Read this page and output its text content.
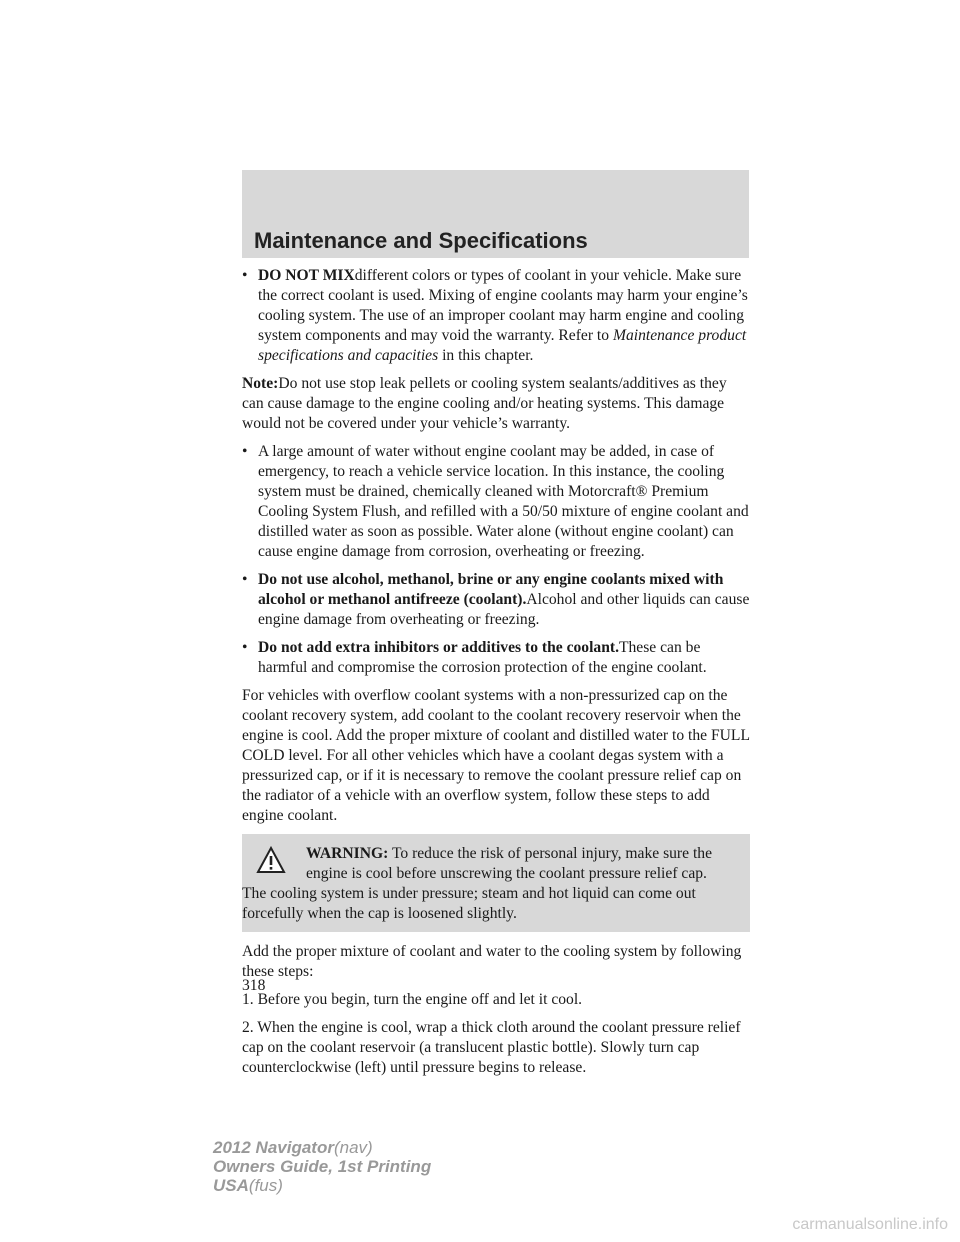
Maintenance and Specifications
• DO NOT MIXdifferent colors or types of coolant in your vehicle. Make sure the correct coolant is used. Mixing of engine coolants may harm your engine’s cooling system. The use of an improper coolant may harm engine and cooling system components and may void the warranty. Refer to Maintenance product specifications and capacities in this chapter.

Note:Do not use stop leak pellets or cooling system sealants/additives as they can cause damage to the engine cooling and/or heating systems. This damage would not be covered under your vehicle’s warranty.

• A large amount of water without engine coolant may be added, in case of emergency, to reach a vehicle service location. In this instance, the cooling system must be drained, chemically cleaned with Motorcraft® Premium Cooling System Flush, and refilled with a 50/50 mixture of engine coolant and distilled water as soon as possible. Water alone (without engine coolant) can cause engine damage from corrosion, overheating or freezing.
• Do not use alcohol, methanol, brine or any engine coolants mixed with alcohol or methanol antifreeze (coolant).Alcohol and other liquids can cause engine damage from overheating or freezing.
• Do not add extra inhibitors or additives to the coolant.These can be harmful and compromise the corrosion protection of the engine coolant.

For vehicles with overflow coolant systems with a non-pressurized cap on the coolant recovery system, add coolant to the coolant recovery reservoir when the engine is cool. Add the proper mixture of coolant and distilled water to the FULL COLD level. For all other vehicles which have a coolant degas system with a pressurized cap, or if it is necessary to remove the coolant pressure relief cap on the radiator of a vehicle with an overflow system, follow these steps to add engine coolant.

WARNING: To reduce the risk of personal injury, make sure the engine is cool before unscrewing the coolant pressure relief cap.
The cooling system is under pressure; steam and hot liquid can come out forcefully when the cap is loosened slightly.

Add the proper mixture of coolant and water to the cooling system by following these steps:

1. Before you begin, turn the engine off and let it cool.

2. When the engine is cool, wrap a thick cloth around the coolant pressure relief cap on the coolant reservoir (a translucent plastic bottle). Slowly turn cap counterclockwise (left) until pressure begins to release.

318
2012 Navigator(nav)
Owners Guide, 1st Printing
USA(fus)
carmanualsonline.info
